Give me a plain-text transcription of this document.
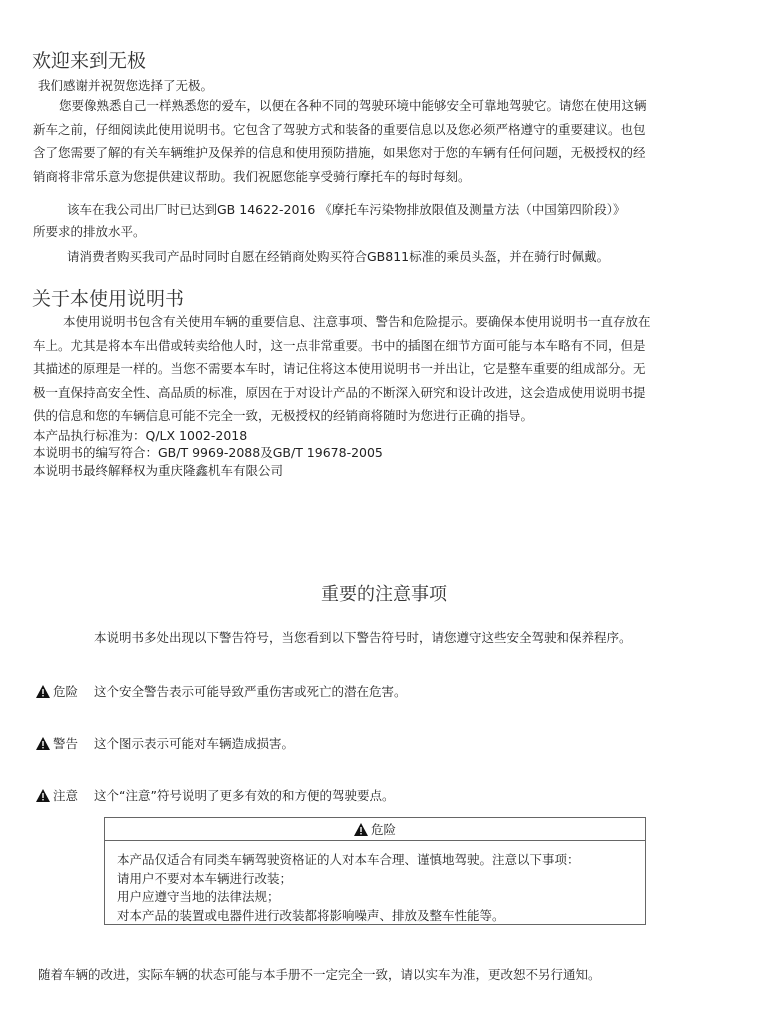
欢迎来到无极

我们感谢并祝贺您选择了无极。

您要像熟悉自己一样熟悉您的爱车，以便在各种不同的驾驶环境中能够安全可靠地驾驶它。请您在使用这辆
新车之前，仔细阅读此使用说明书。它包含了驾驶方式和装备的重要信息以及您必须严格遵守的重要建议。也包
含了您需要了解的有关车辆维护及保养的信息和使用预防措施，如果您对于您的车辆有任何问题，无极授权的经
销商将非常乐意为您提供建议帮助。我们祝愿您能享受骑行摩托车的每时每刻。
该车在我公司出厂时已达到GB 14622-2016 《摩托车污染物排放限值及测量方法（中国第四阶段）》
所要求的排放水平。

请消费者购买我司产品时同时自愿在经销商处购买符合GB811标准的乘员头盔，并在骑行时佩戴。

关于本使用说明书
本使用说明书包含有关使用车辆的重要信息、注意事项、警告和危险提示。要确保本使用说明书一直存放在
车上。尤其是将本车出借或转卖给他人时，这一点非常重要。书中的插图在细节方面可能与本车略有不同，但是
其描述的原理是一样的。当您不需要本车时，请记住将这本使用说明书一并出让，它是整车重要的组成部分。无
极一直保持高安全性、高品质的标准，原因在于对设计产品的不断深入研究和设计改进，这会造成使用说明书提
供的信息和您的车辆信息可能不完全一致，无极授权的经销商将随时为您进行正确的指导。

本产品执行标准为：Q/LX 1002-2018

本说明书的编写符合：GB/T 9969-2088及GB/T 19678-2005

本说明书最终解释权为重庆隆鑫机车有限公司

重要的注意事项

本说明书多处出现以下警告符号，当您看到以下警告符号时，请您遵守这些安全驾驶和保养程序。

危险 这个安全警告表示可能导致严重伤害或死亡的潜在危害。
警告 这个图示表示可能对车辆造成损害。
注意 这个“注意”符号说明了更多有效的和方便的驾驶要点。
危险
本产品仅适合有同类车辆驾驶资格证的人对本车合理、谨慎地驾驶。注意以下事项：
请用户不要对本车辆进行改装；
用户应遵守当地的法律法规；
对本产品的装置或电器件进行改装都将影响噪声、排放及整车性能等。

随着车辆的改进，实际车辆的状态可能与本手册不一定完全一致，请以实车为准，更改恕不另行通知。
